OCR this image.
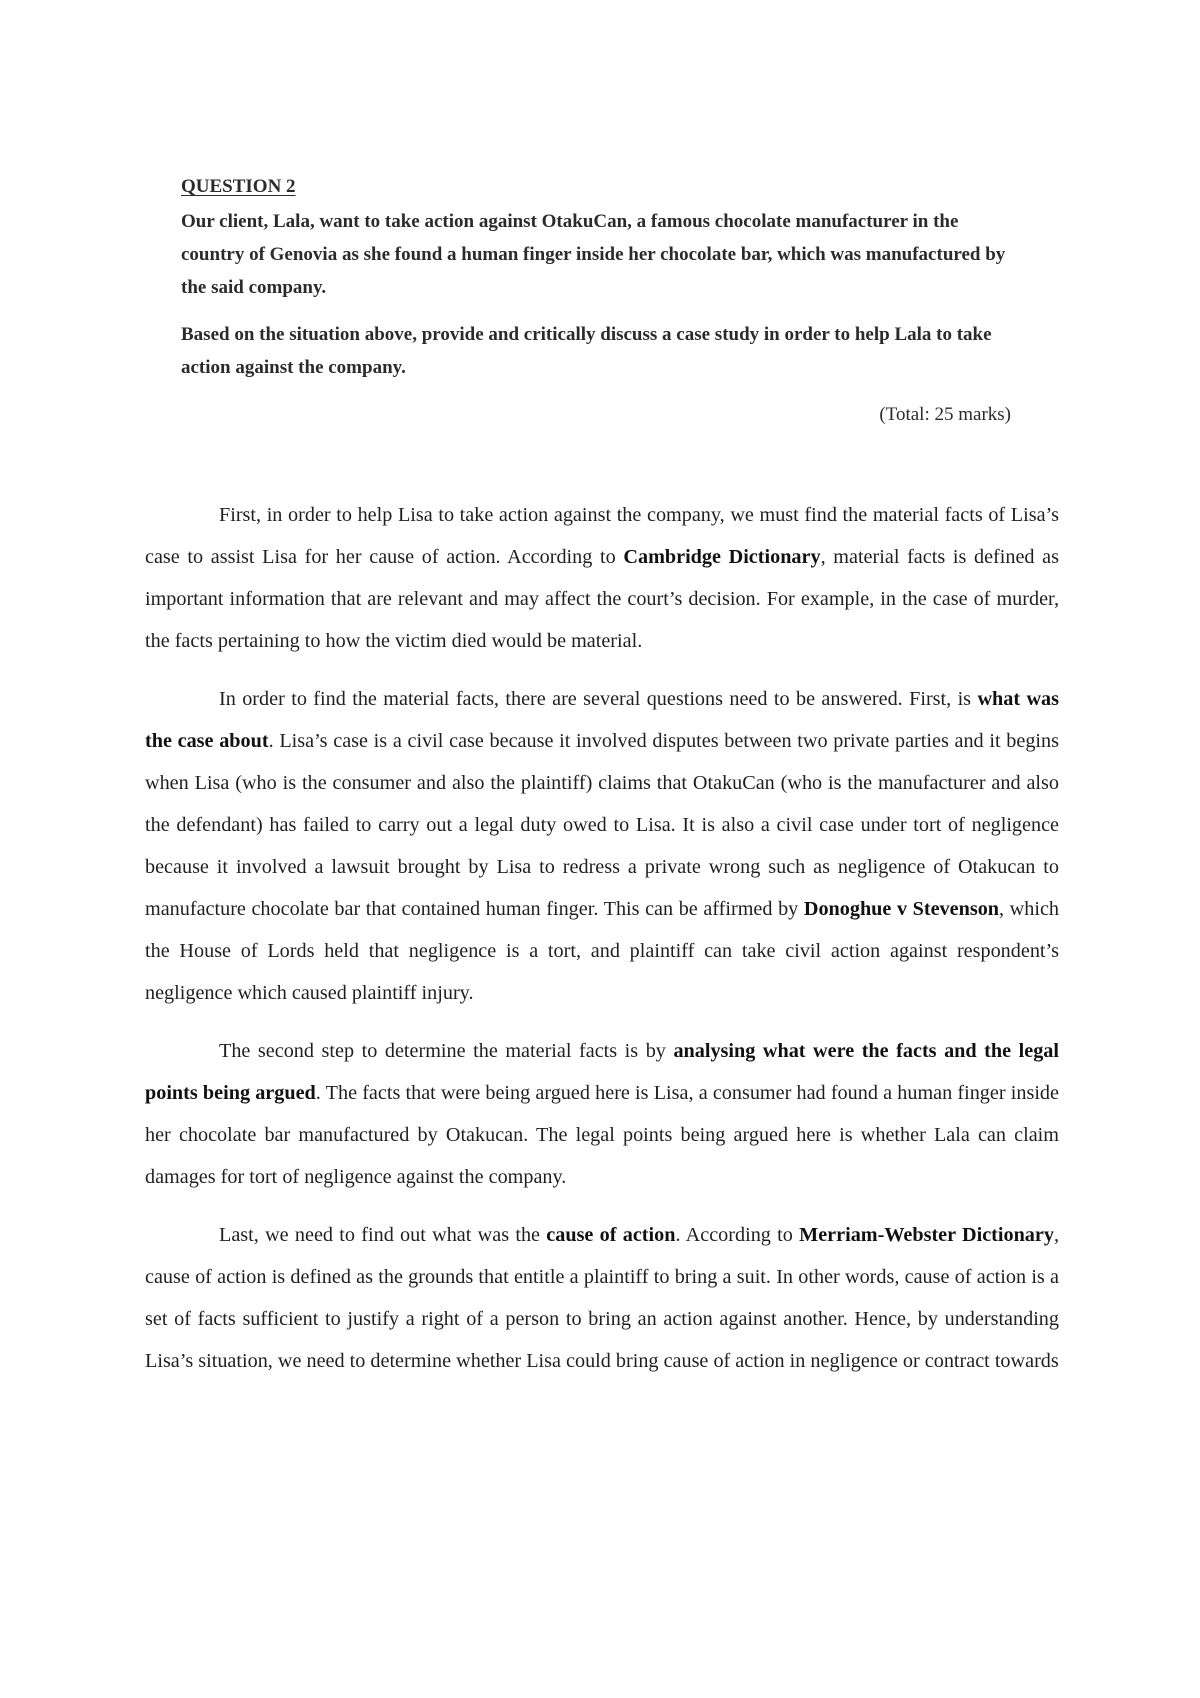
QUESTION 2
Our client, Lala, want to take action against OtakuCan, a famous chocolate manufacturer in the country of Genovia as she found a human finger inside her chocolate bar, which was manufactured by the said company.
Based on the situation above, provide and critically discuss a case study in order to help Lala to take action against the company.
(Total: 25 marks)

First, in order to help Lisa to take action against the company, we must find the material facts of Lisa’s case to assist Lisa for her cause of action. According to Cambridge Dictionary, material facts is defined as important information that are relevant and may affect the court’s decision. For example, in the case of murder, the facts pertaining to how the victim died would be material.

In order to find the material facts, there are several questions need to be answered. First, is what was the case about. Lisa’s case is a civil case because it involved disputes between two private parties and it begins when Lisa (who is the consumer and also the plaintiff) claims that OtakuCan (who is the manufacturer and also the defendant) has failed to carry out a legal duty owed to Lisa. It is also a civil case under tort of negligence because it involved a lawsuit brought by Lisa to redress a private wrong such as negligence of Otakucan to manufacture chocolate bar that contained human finger. This can be affirmed by Donoghue v Stevenson, which the House of Lords held that negligence is a tort, and plaintiff can take civil action against respondent’s negligence which caused plaintiff injury.

The second step to determine the material facts is by analysing what were the facts and the legal points being argued. The facts that were being argued here is Lisa, a consumer had found a human finger inside her chocolate bar manufactured by Otakucan. The legal points being argued here is whether Lala can claim damages for tort of negligence against the company.

Last, we need to find out what was the cause of action. According to Merriam-Webster Dictionary, cause of action is defined as the grounds that entitle a plaintiff to bring a suit. In other words, cause of action is a set of facts sufficient to justify a right of a person to bring an action against another. Hence, by understanding Lisa’s situation, we need to determine whether Lisa could bring cause of action in negligence or contract towards
